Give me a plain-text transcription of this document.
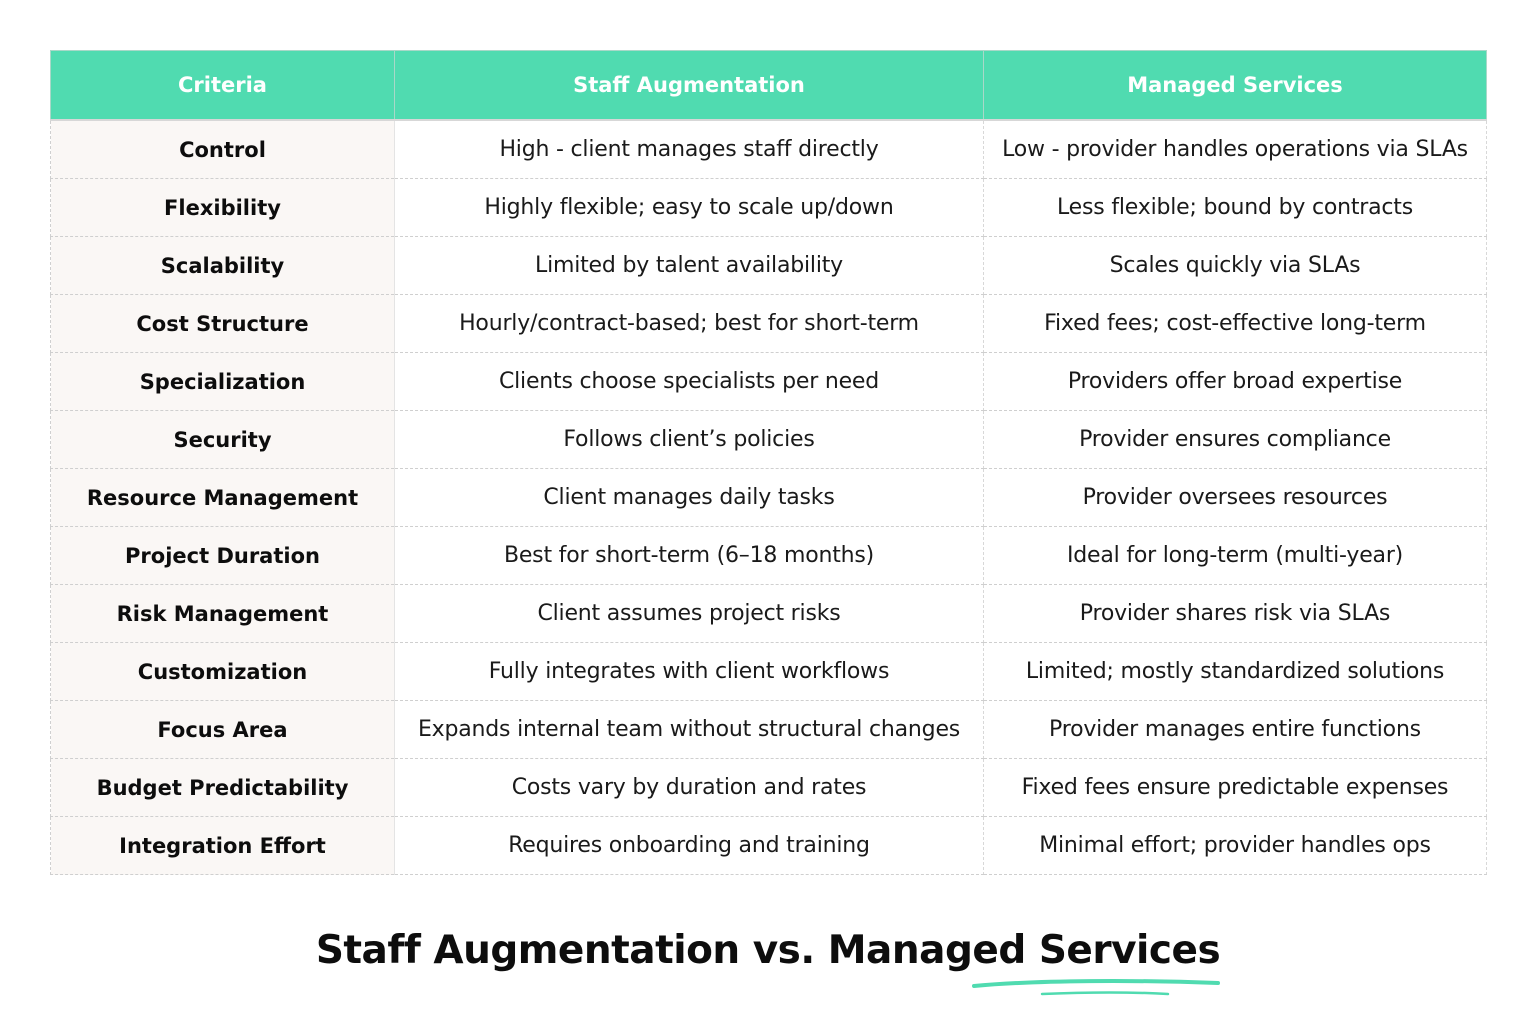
Criteria	Staff Augmentation	Managed Services
Control	High - client manages staff directly	Low - provider handles operations via SLAs
Flexibility	Highly flexible; easy to scale up/down	Less flexible; bound by contracts
Scalability	Limited by talent availability	Scales quickly via SLAs
Cost Structure	Hourly/contract-based; best for short-term	Fixed fees; cost-effective long-term
Specialization	Clients choose specialists per need	Providers offer broad expertise
Security	Follows client’s policies	Provider ensures compliance
Resource Management	Client manages daily tasks	Provider oversees resources
Project Duration	Best for short-term (6–18 months)	Ideal for long-term (multi-year)
Risk Management	Client assumes project risks	Provider shares risk via SLAs
Customization	Fully integrates with client workflows	Limited; mostly standardized solutions
Focus Area	Expands internal team without structural changes	Provider manages entire functions
Budget Predictability	Costs vary by duration and rates	Fixed fees ensure predictable expenses
Integration Effort	Requires onboarding and training	Minimal effort; provider handles ops
Staff Augmentation vs. Managed Services
